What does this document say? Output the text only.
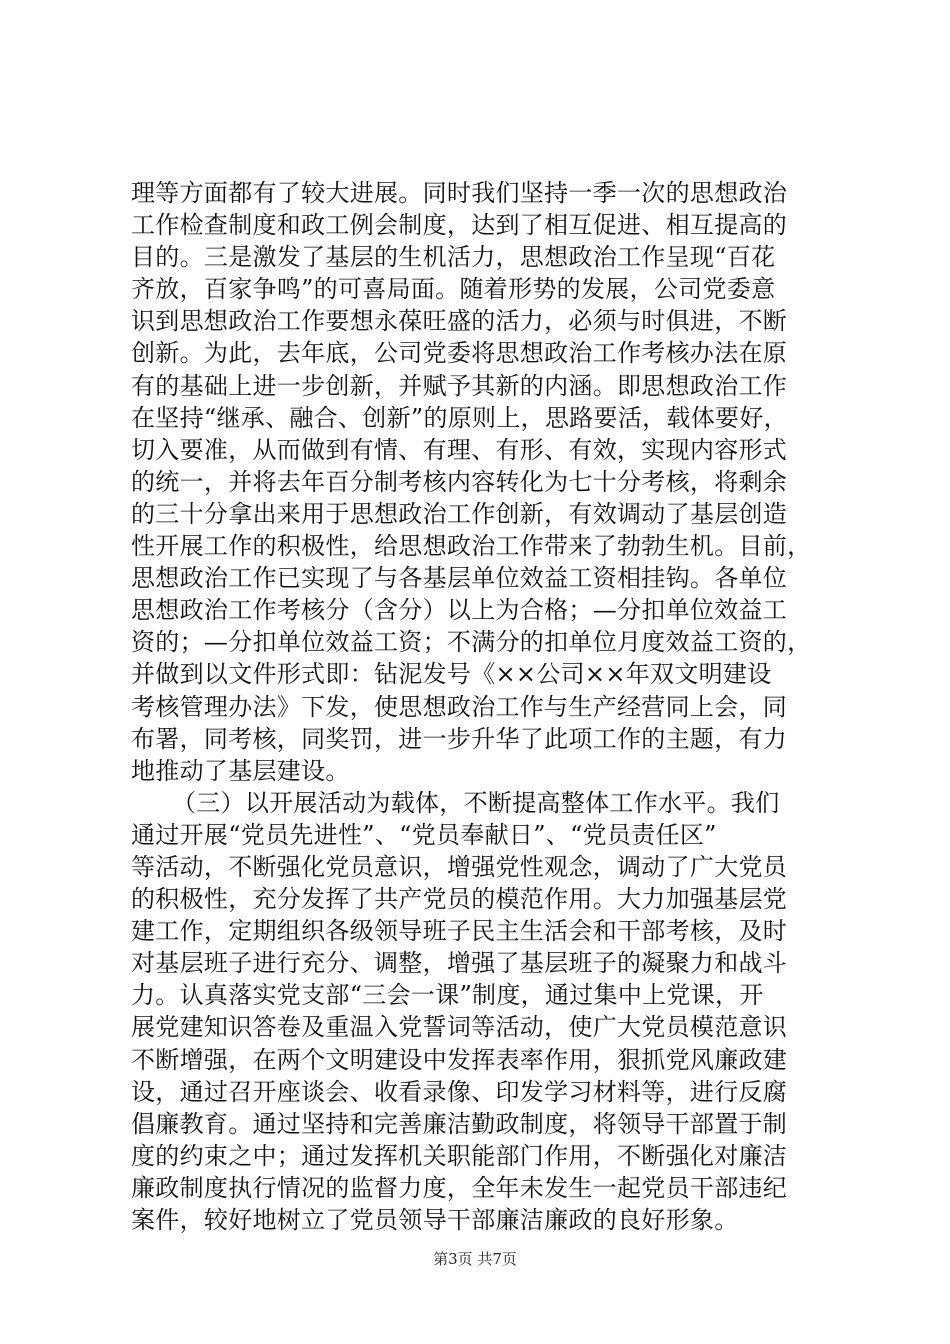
理等方面都有了较大进展。同时我们坚持一季一次的思想政治
工作检查制度和政工例会制度，达到了相互促进、相互提高的
目的。三是激发了基层的生机活力，思想政治工作呈现“百花
齐放，百家争鸣”的可喜局面。随着形势的发展，公司党委意
识到思想政治工作要想永葆旺盛的活力，必须与时俱进，不断
创新。为此，去年底，公司党委将思想政治工作考核办法在原
有的基础上进一步创新，并赋予其新的内涵。即思想政治工作
在坚持“继承、融合、创新”的原则上，思路要活，载体要好，
切入要准，从而做到有情、有理、有形、有效，实现内容形式
的统一，并将去年百分制考核内容转化为七十分考核，将剩余
的三十分拿出来用于思想政治工作创新，有效调动了基层创造
性开展工作的积极性，给思想政治工作带来了勃勃生机。目前，
思想政治工作已实现了与各基层单位效益工资相挂钩。各单位
思想政治工作考核分（含分）以上为合格；—分扣单位效益工
资的；—分扣单位效益工资；不满分的扣单位月度效益工资的，
并做到以文件形式即：钻泥发号《××公司××年双文明建设
考核管理办法》下发，使思想政治工作与生产经营同上会，同
布署，同考核，同奖罚，进一步升华了此项工作的主题，有力
地推动了基层建设。
（三）以开展活动为载体，不断提高整体工作水平。我们
通过开展“党员先进性”、“党员奉献日”、“党员责任区”
等活动，不断强化党员意识，增强党性观念，调动了广大党员
的积极性，充分发挥了共产党员的模范作用。大力加强基层党
建工作，定期组织各级领导班子民主生活会和干部考核，及时
对基层班子进行充分、调整，增强了基层班子的凝聚力和战斗
力。认真落实党支部“三会一课”制度，通过集中上党课，开
展党建知识答卷及重温入党誓词等活动，使广大党员模范意识
不断增强，在两个文明建设中发挥表率作用，狠抓党风廉政建
设，通过召开座谈会、收看录像、印发学习材料等，进行反腐
倡廉教育。通过坚持和完善廉洁勤政制度，将领导干部置于制
度的约束之中；通过发挥机关职能部门作用，不断强化对廉洁
廉政制度执行情况的监督力度，全年未发生一起党员干部违纪
案件，较好地树立了党员领导干部廉洁廉政的良好形象。
第3页 共7页
